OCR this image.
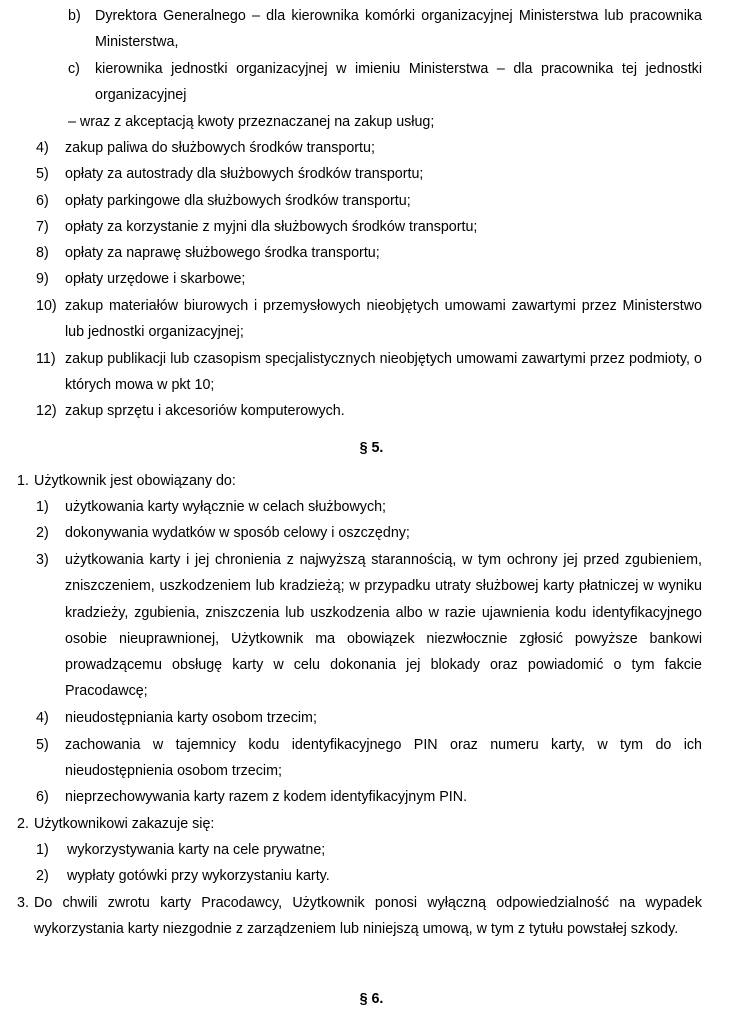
b) Dyrektora Generalnego – dla kierownika komórki organizacyjnej Ministerstwa lub pracownika Ministerstwa,
c) kierownika jednostki organizacyjnej w imieniu Ministerstwa – dla pracownika tej jednostki organizacyjnej
– wraz z akceptacją kwoty przeznaczanej na zakup usług;
4) zakup paliwa do służbowych środków transportu;
5) opłaty za autostrady dla służbowych środków transportu;
6) opłaty parkingowe dla służbowych środków transportu;
7) opłaty za korzystanie z myjni dla służbowych środków transportu;
8) opłaty za naprawę służbowego środka transportu;
9) opłaty urzędowe i skarbowe;
10) zakup materiałów biurowych i przemysłowych nieobjętych umowami zawartymi przez Ministerstwo lub jednostki organizacyjnej;
11) zakup publikacji lub czasopism specjalistycznych nieobjętych umowami zawartymi przez podmioty, o których mowa w pkt 10;
12) zakup sprzętu i akcesoriów komputerowych.
§ 5.
1. Użytkownik jest obowiązany do:
1) użytkowania karty wyłącznie w celach służbowych;
2) dokonywania wydatków w sposób celowy i oszczędny;
3) użytkowania karty i jej chronienia z najwyższą starannością, w tym ochrony jej przed zgubieniem, zniszczeniem, uszkodzeniem lub kradzieżą; w przypadku utraty służbowej karty płatniczej w wyniku kradzieży, zgubienia, zniszczenia lub uszkodzenia albo w razie ujawnienia kodu identyfikacyjnego osobie nieuprawnionej, Użytkownik ma obowiązek niezwłocznie zgłosić powyższe bankowi prowadzącemu obsługę karty w celu dokonania jej blokady oraz powiadomić o tym fakcie Pracodawcę;
4) nieudostępniania karty osobom trzecim;
5) zachowania w tajemnicy kodu identyfikacyjnego PIN oraz numeru karty, w tym do ich nieudostępnienia osobom trzecim;
6) nieprzechowywania karty razem z kodem identyfikacyjnym PIN.
2. Użytkownikowi zakazuje się:
1) wykorzystywania karty na cele prywatne;
2) wypłaty gotówki przy wykorzystaniu karty.
3. Do chwili zwrotu karty Pracodawcy, Użytkownik ponosi wyłączną odpowiedzialność na wypadek wykorzystania karty niezgodnie z zarządzeniem lub niniejszą umową, w tym z tytułu powstałej szkody.
§ 6.
